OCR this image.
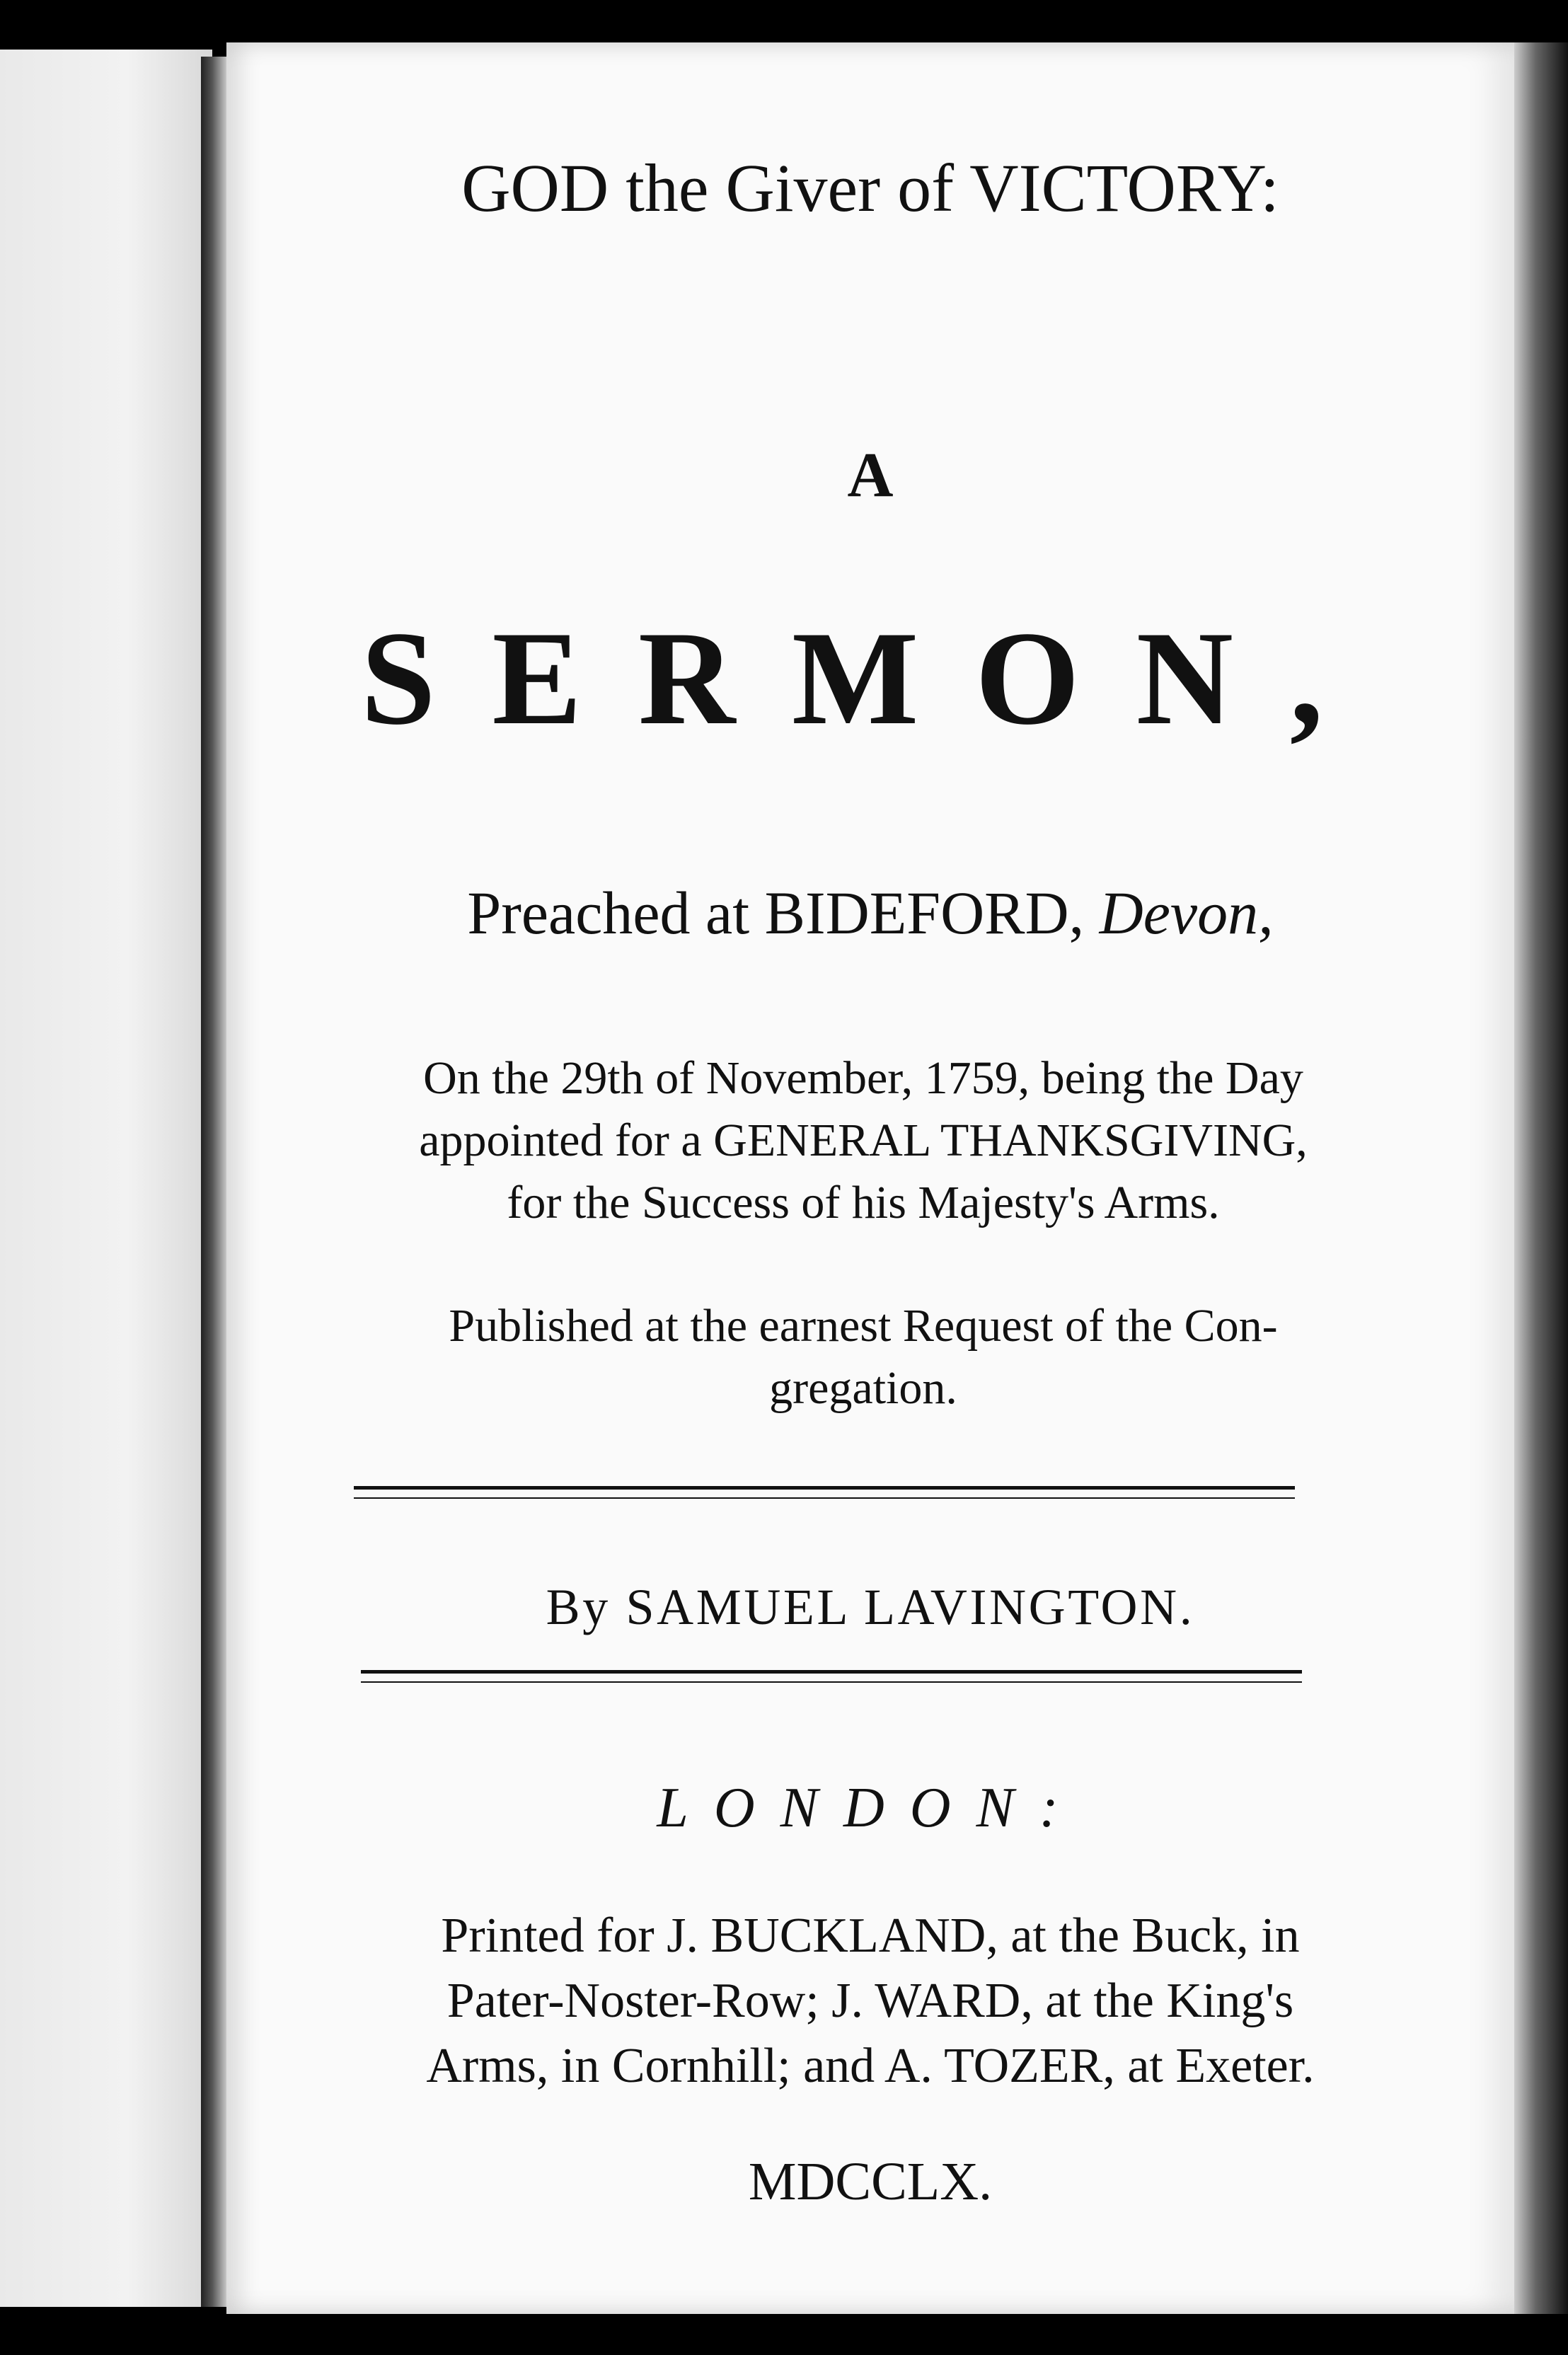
GOD the Giver of VICTORY:
A
SERMON,
Preached at BIDEFORD, Devon,
On the 29th of November, 1759, being the Day
appointed for a GENERAL THANKSGIVING,
for the Success of his Majesty's Arms.
Published at the earnest Request of the Con-
gregation.
By SAMUEL LAVINGTON.
LONDON:
Printed for J. BUCKLAND, at the Buck, in
Pater-Noster-Row; J. WARD, at the King's
Arms, in Cornhill; and A. TOZER, at Exeter.
MDCCLX.
